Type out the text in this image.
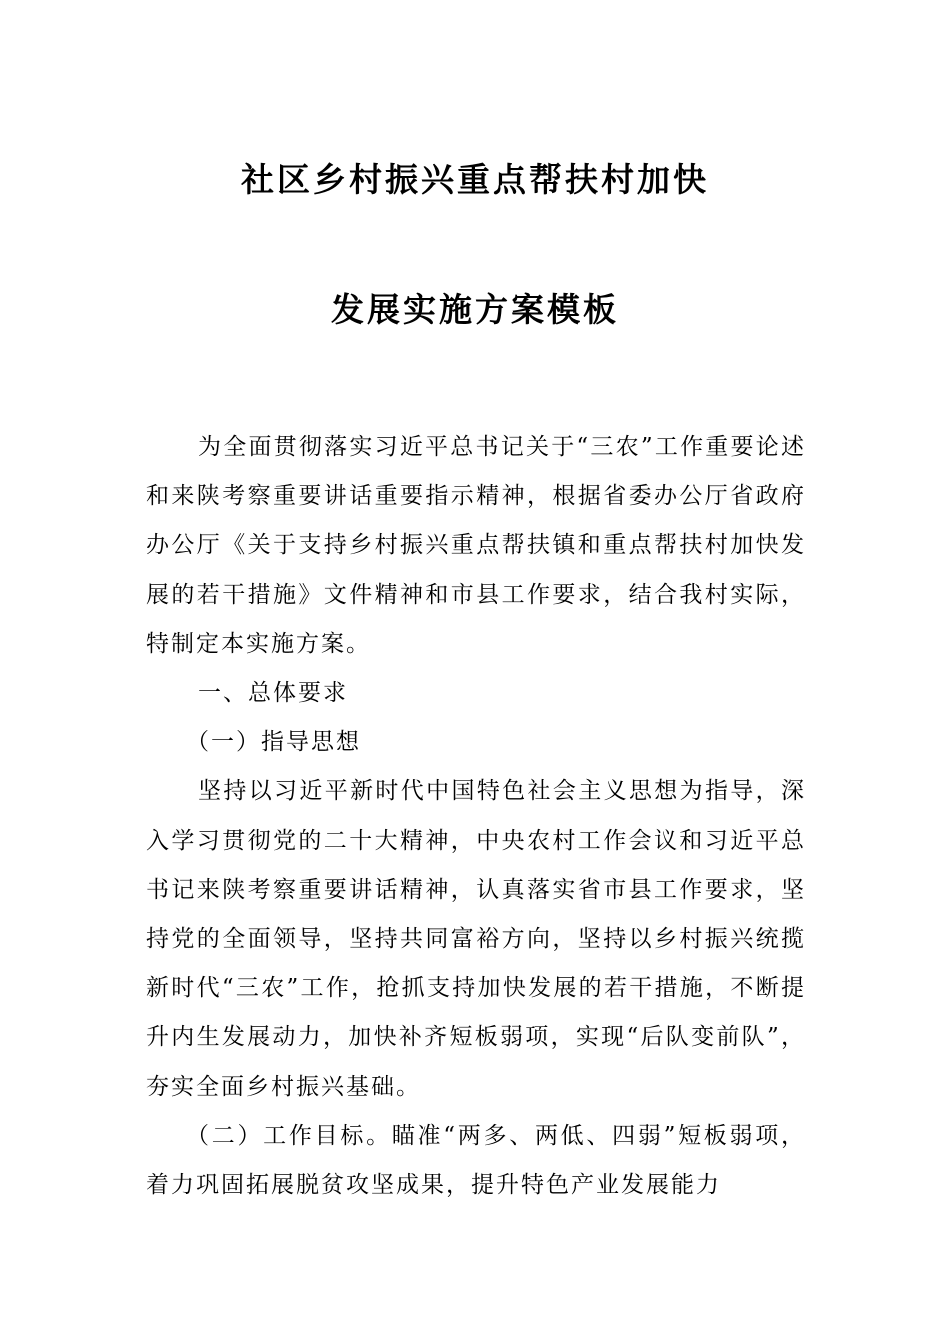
社区乡村振兴重点帮扶村加快
发展实施方案模板

为全面贯彻落实习近平总书记关于“三农”工作重要论述和来陕考察重要讲话重要指示精神，根据省委办公厅省政府办公厅《关于支持乡村振兴重点帮扶镇和重点帮扶村加快发展的若干措施》文件精神和市县工作要求，结合我村实际，特制定本实施方案。

一、总体要求

（一）指导思想

坚持以习近平新时代中国特色社会主义思想为指导，深入学习贯彻党的二十大精神，中央农村工作会议和习近平总书记来陕考察重要讲话精神，认真落实省市县工作要求，坚持党的全面领导，坚持共同富裕方向，坚持以乡村振兴统揽新时代“三农”工作，抢抓支持加快发展的若干措施，不断提升内生发展动力，加快补齐短板弱项，实现“后队变前队”，夯实全面乡村振兴基础。

（二）工作目标。瞄准“两多、两低、四弱”短板弱项，着力巩固拓展脱贫攻坚成果，提升特色产业发展能力
